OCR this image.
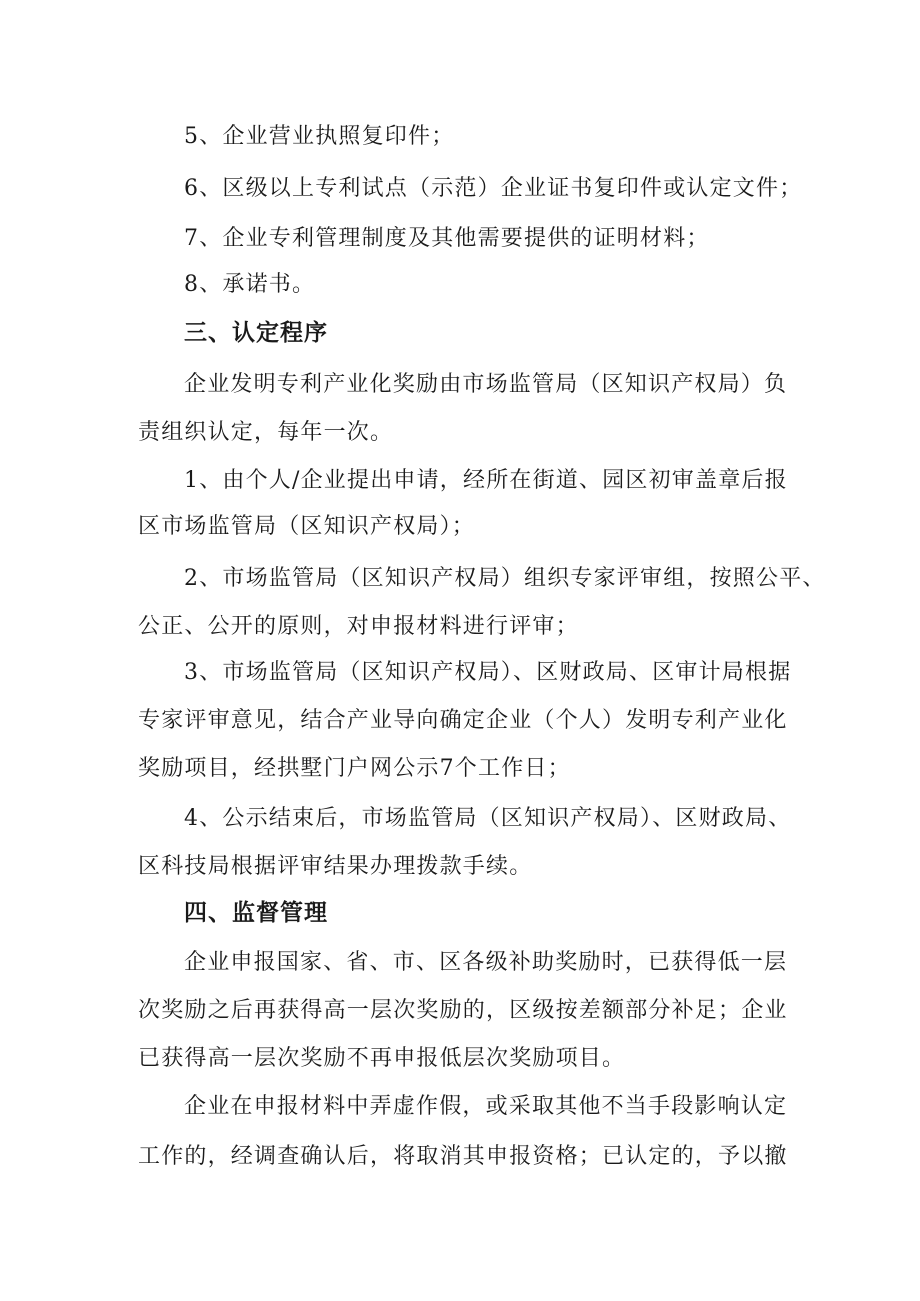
5、企业营业执照复印件；
6、区级以上专利试点（示范）企业证书复印件或认定文件；
7、企业专利管理制度及其他需要提供的证明材料；
8、承诺书。
三、认定程序
企业发明专利产业化奖励由市场监管局（区知识产权局）负
责组织认定，每年一次。
1、由个人/企业提出申请，经所在街道、园区初审盖章后报
区市场监管局（区知识产权局）；
2、市场监管局（区知识产权局）组织专家评审组，按照公平、
公正、公开的原则，对申报材料进行评审；
3、市场监管局（区知识产权局）、区财政局、区审计局根据
专家评审意见，结合产业导向确定企业（个人）发明专利产业化
奖励项目，经拱墅门户网公示7个工作日；
4、公示结束后，市场监管局（区知识产权局）、区财政局、
区科技局根据评审结果办理拨款手续。
四、监督管理
企业申报国家、省、市、区各级补助奖励时，已获得低一层
次奖励之后再获得高一层次奖励的，区级按差额部分补足；企业
已获得高一层次奖励不再申报低层次奖励项目。
企业在申报材料中弄虚作假，或采取其他不当手段影响认定
工作的，经调查确认后，将取消其申报资格；已认定的，予以撤
